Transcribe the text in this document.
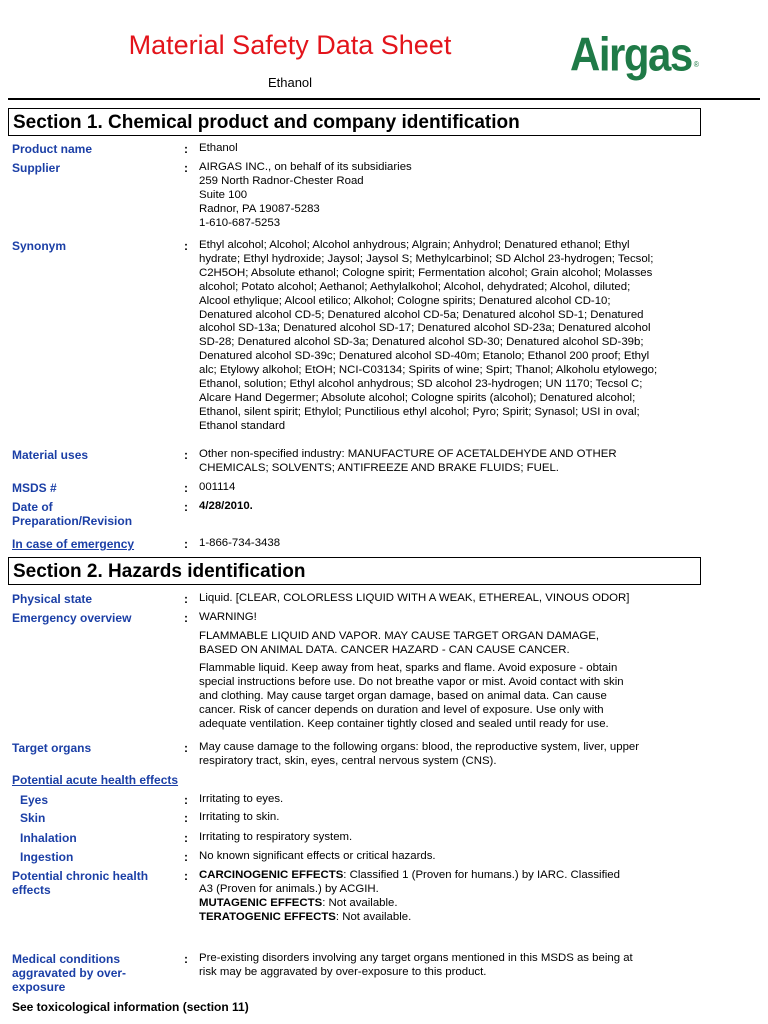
Material Safety Data Sheet
Ethanol
Airgas ®
Section 1. Chemical product and company identification
Product name	: Ethanol
Supplier	: AIRGAS INC., on behalf of its subsidiaries

259 North Radnor-Chester Road

Suite 100

Radnor, PA 19087-5283

1-610-687-5253

Synonym	: Ethyl alcohol; Alcohol; Alcohol anhydrous; Algrain; Anhydrol; Denatured ethanol; Ethyl

hydrate; Ethyl hydroxide; Jaysol; Jaysol S; Methylcarbinol; SD Alchol 23-hydrogen; Tecsol;

C2H5OH; Absolute ethanol; Cologne spirit; Fermentation alcohol; Grain alcohol; Molasses

alcohol; Potato alcohol; Aethanol; Aethylalkohol; Alcohol, dehydrated; Alcohol, diluted;

Alcool ethylique; Alcool etilico; Alkohol; Cologne spirits; Denatured alcohol CD-10;

Denatured alcohol CD-5; Denatured alcohol CD-5a; Denatured alcohol SD-1; Denatured

alcohol SD-13a; Denatured alcohol SD-17; Denatured alcohol SD-23a; Denatured alcohol

SD-28; Denatured alcohol SD-3a; Denatured alcohol SD-30; Denatured alcohol SD-39b;

Denatured alcohol SD-39c; Denatured alcohol SD-40m; Etanolo; Ethanol 200 proof; Ethyl

alc; Etylowy alkohol; EtOH; NCI-C03134; Spirits of wine; Spirt; Thanol; Alkoholu etylowego;

Ethanol, solution; Ethyl alcohol anhydrous; SD alcohol 23-hydrogen; UN 1170; Tecsol C;

Alcare Hand Degermer; Absolute alcohol; Cologne spirits (alcohol); Denatured alcohol;

Ethanol, silent spirit; Ethylol; Punctilious ethyl alcohol; Pyro; Spirit; Synasol; USI in oval;

Ethanol standard

Material uses	: Other non-specified industry: MANUFACTURE OF ACETALDEHYDE AND OTHER

CHEMICALS; SOLVENTS; ANTIFREEZE AND BRAKE FLUIDS; FUEL.

MSDS #	: 001114
Date of
Preparation/Revision
: 4/28/2010.
In case of emergency	: 1-866-734-3438
Section 2. Hazards identification
Physical state	: Liquid. [CLEAR, COLORLESS LIQUID WITH A WEAK, ETHEREAL, VINOUS ODOR]
Emergency overview	: WARNING!

FLAMMABLE LIQUID AND VAPOR. MAY CAUSE TARGET ORGAN DAMAGE,

BASED ON ANIMAL DATA. CANCER HAZARD - CAN CAUSE CANCER.

Flammable liquid. Keep away from heat, sparks and flame. Avoid exposure - obtain

special instructions before use. Do not breathe vapor or mist. Avoid contact with skin

and clothing. May cause target organ damage, based on animal data. Can cause

cancer. Risk of cancer depends on duration and level of exposure. Use only with

adequate ventilation. Keep container tightly closed and sealed until ready for use.

Target organs	: May cause damage to the following organs: blood, the reproductive system, liver, upper

respiratory tract, skin, eyes, central nervous system (CNS).

Potential acute health effects
Eyes	: Irritating to eyes.
Skin	: Irritating to skin.
Inhalation	: Irritating to respiratory system.
Ingestion	: No known significant effects or critical hazards.
Potential chronic health
effects
: CARCINOGENIC EFFECTS: Classified 1 (Proven for humans.) by IARC. Classified

A3 (Proven for animals.) by ACGIH.

MUTAGENIC EFFECTS: Not available.

TERATOGENIC EFFECTS: Not available.

Medical conditions
aggravated by over-
exposure
: Pre-existing disorders involving any target organs mentioned in this MSDS as being at

risk may be aggravated by over-exposure to this product.

See toxicological information (section 11)
